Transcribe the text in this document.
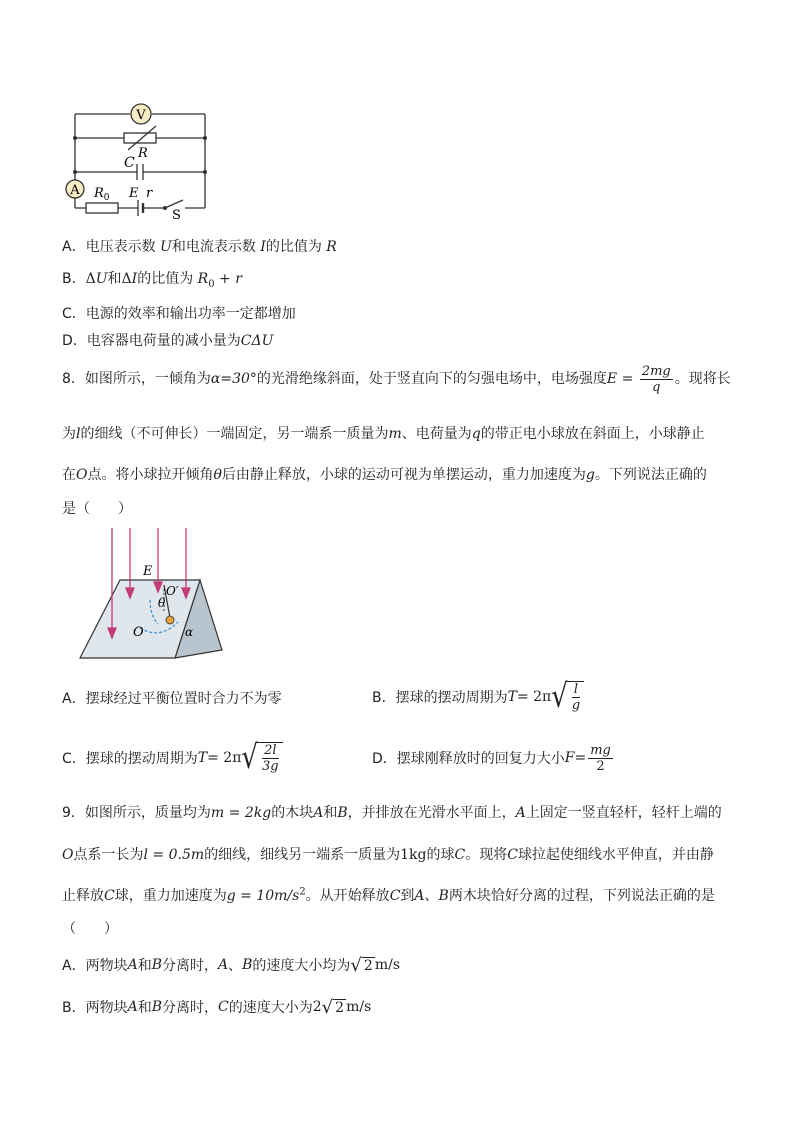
V
A
R
C
$R_0$ E r
S
A．电压表示数 U和电流表示数 I的比值为 R
B．ΔU和ΔI的比值为 $R_0 + r$
C．电源的效率和输出功率一定都增加
D．电容器电荷量的减小量为CΔU
8．如图所示，一倾角为α=30°的光滑绝缘斜面，处于竖直向下的匀强电场中，电场强度$E = \frac{2mg}{q}$ 。现将长
为l的细线（不可伸长）一端固定，另一端系一质量为m、电荷量为q的带正电小球放在斜面上，小球静止
在O点。将小球拉开倾角θ后由静止释放，小球的运动可视为单摆运动，重力加速度为g。下列说法正确的
是（　　）
E
O′
θ
O	α
A．摆球经过平衡位置时合力不为零	B． 摆球的摆动周期为 T = 2π √ $\frac{l}{g}$
C． 摆球的摆动周期为 T = 2π √ $\frac{2l}{3g}$	D． 摆球刚释放时的回复力大小 $F = \frac{mg}{2}$
9．如图所示，质量均为m = 2kg的木块A和B，并排放在光滑水平面上，A上固定一竖直轻杆，轻杆上端的
O点系一长为l = 0.5m的细线，细线另一端系一质量为1kg的球C。现将C球拉起使细线水平伸直，并由静
止释放C球，重力加速度为$g = 10m/s^2$。从开始释放C到A、B两木块恰好分离的过程，下列说法正确的是
（　　）
A． 两物块 A 和 B 分离时， A 、 B 的速度大小均为 √ 2 m/s
B． 两物块 A 和 B 分离时， C 的速度大小为 2 √ 2 m/s
